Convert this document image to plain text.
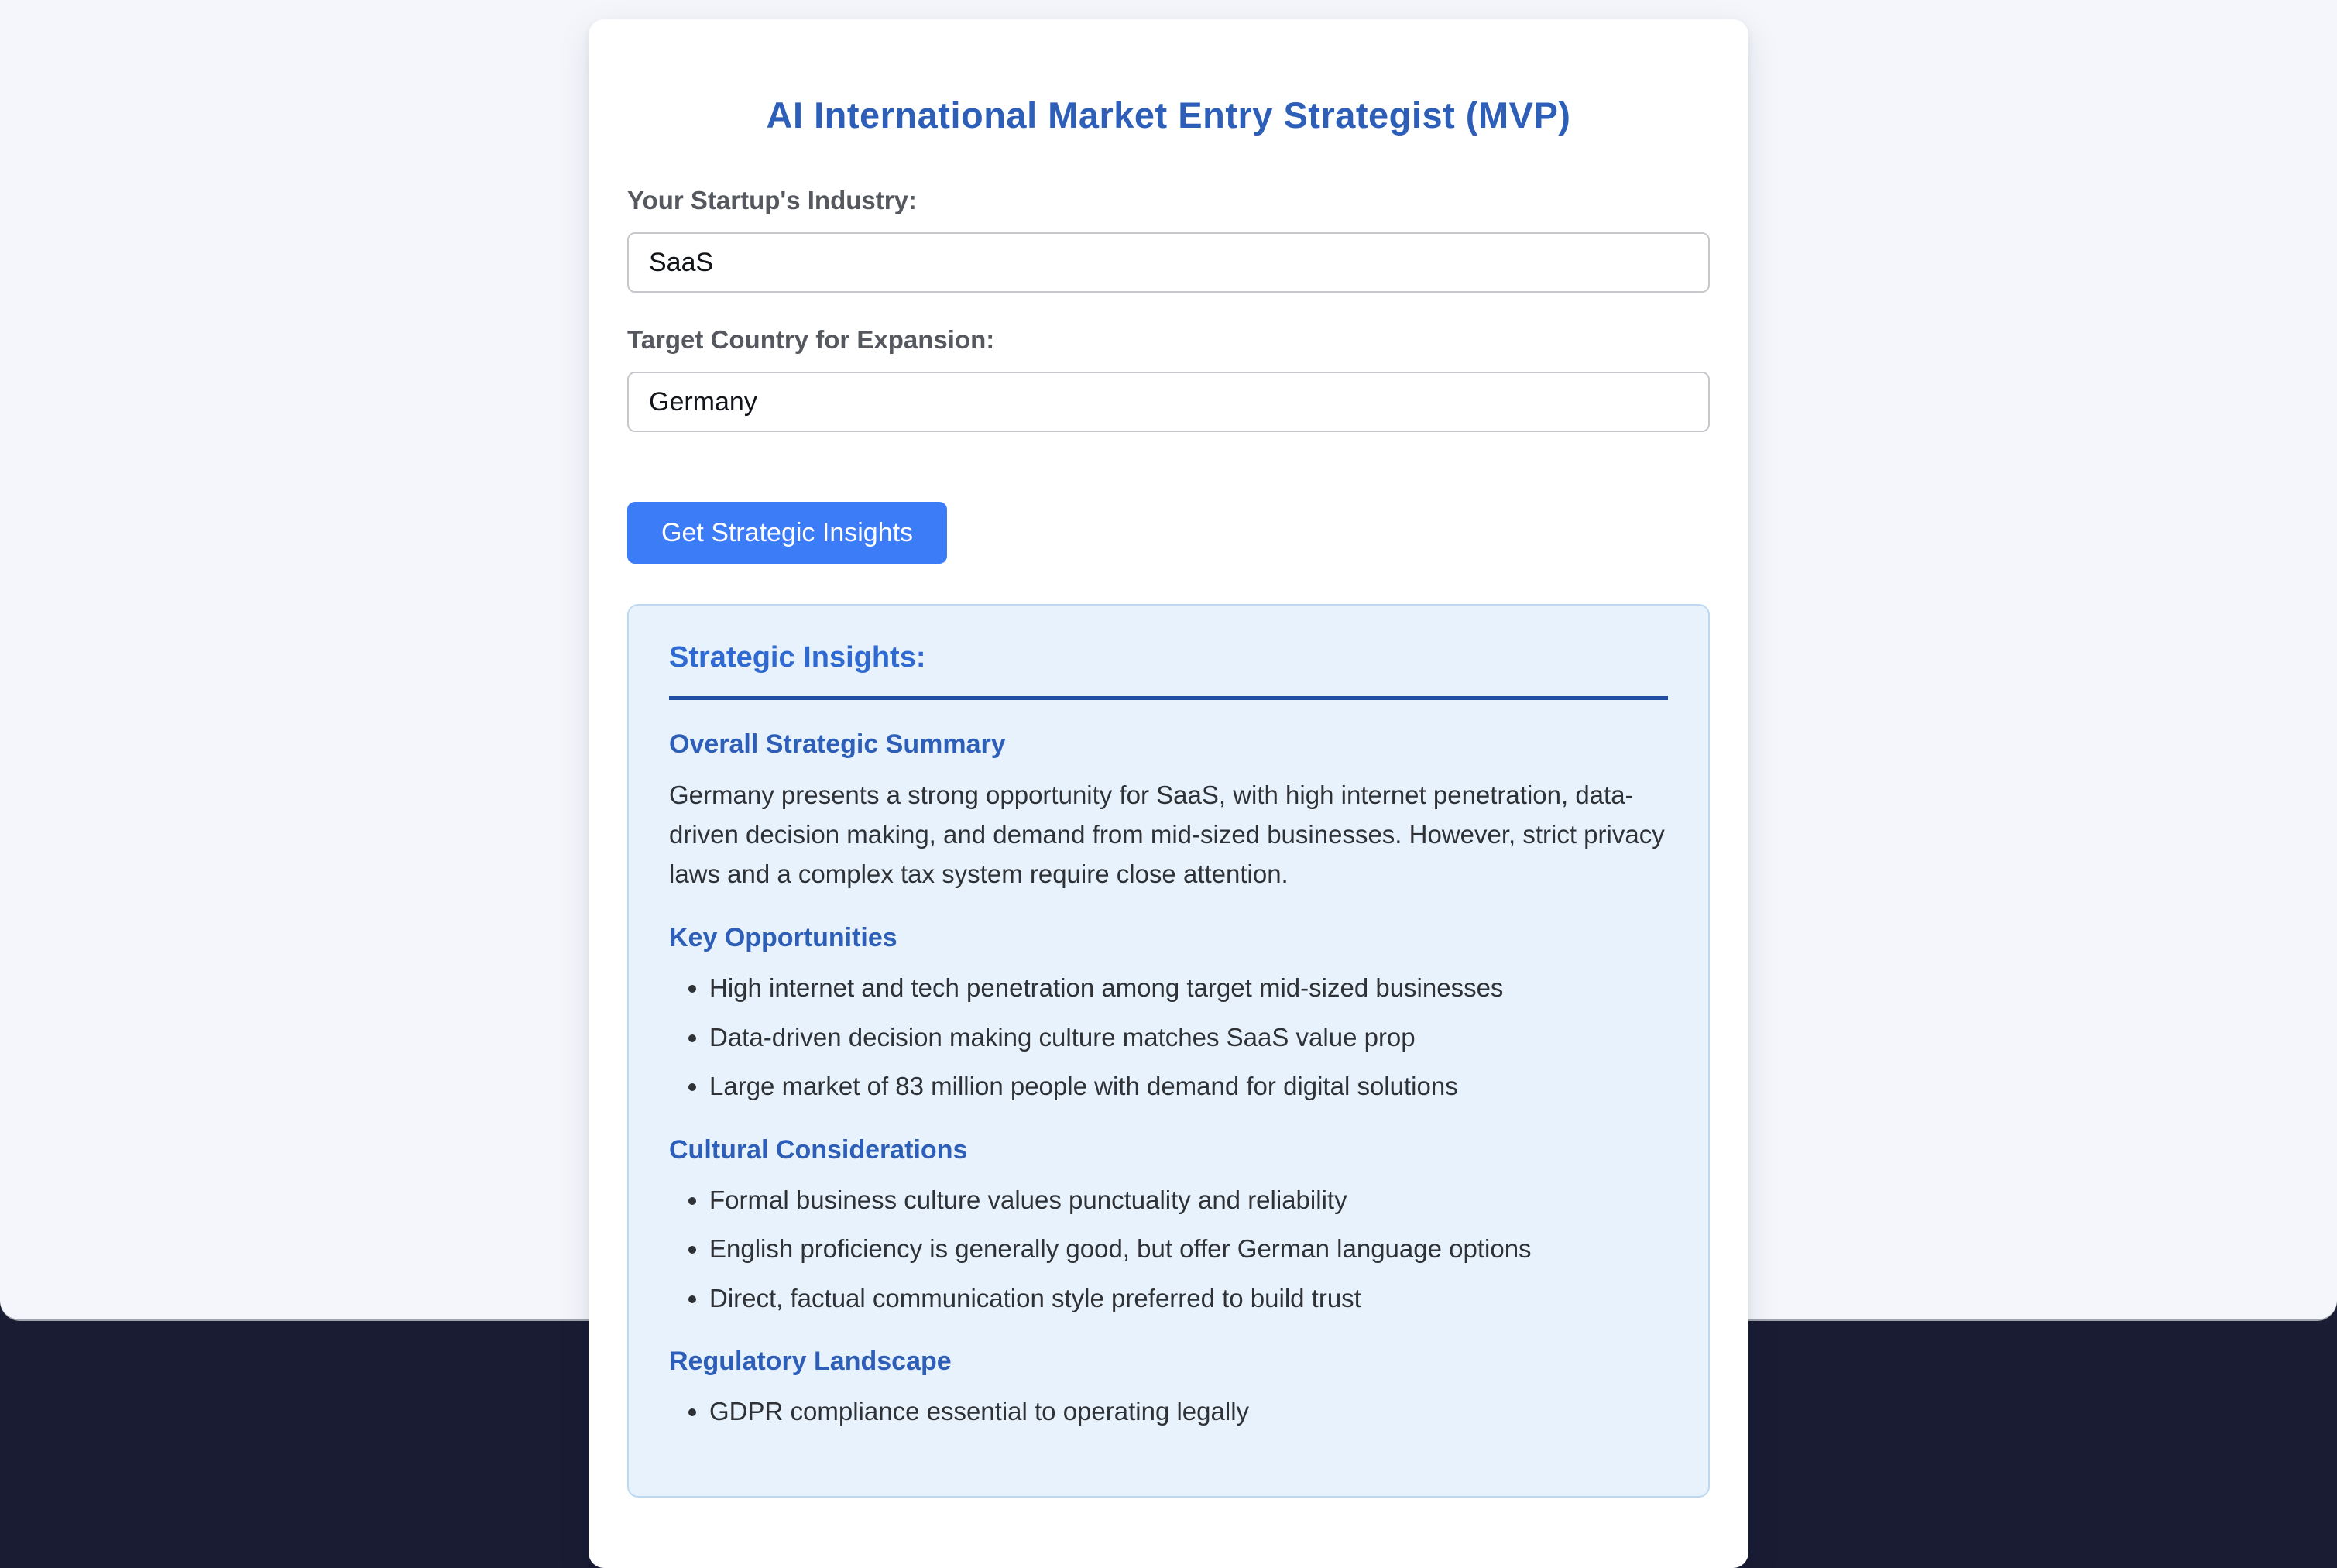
AI International Market Entry Strategist (MVP)
Your Startup's Industry:
SaaS
Target Country for Expansion:
Germany
Get Strategic Insights
Strategic Insights:
Overall Strategic Summary

Germany presents a strong opportunity for SaaS, with high internet penetration, data-driven decision making, and demand from mid-sized businesses. However, strict privacy laws and a complex tax system require close attention.

Key Opportunities
• High internet and tech penetration among target mid-sized businesses
• Data-driven decision making culture matches SaaS value prop
• Large market of 83 million people with demand for digital solutions
Cultural Considerations
• Formal business culture values punctuality and reliability
• English proficiency is generally good, but offer German language options
• Direct, factual communication style preferred to build trust
Regulatory Landscape
• GDPR compliance essential to operating legally
